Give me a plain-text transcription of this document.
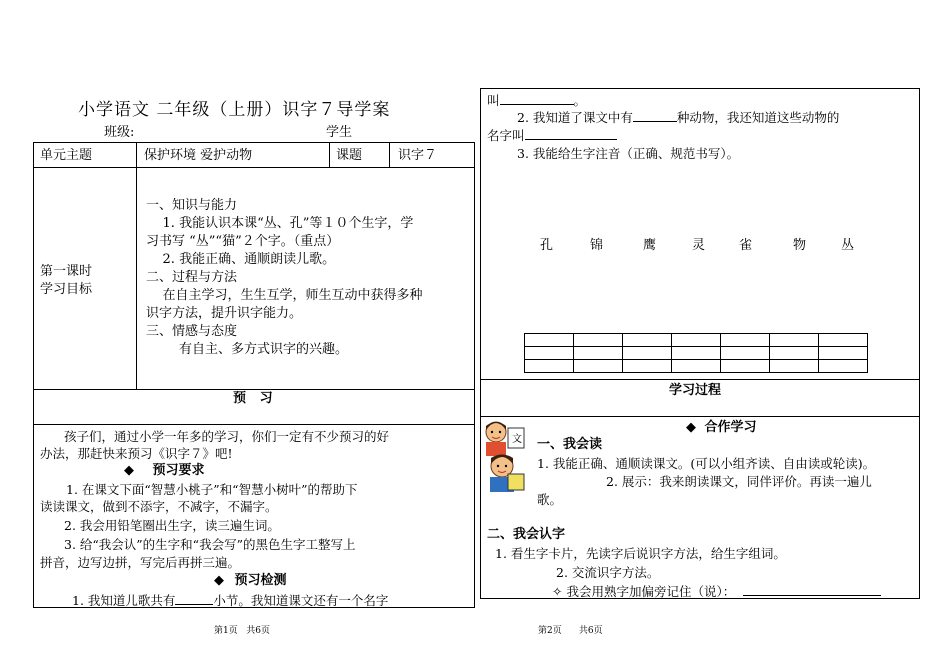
小学语文 二年级（上册）识字７导学案
班级:	学生
单元主题	保护环境 爱护动物	课题	识字７
第一课时
学习目标
一、知识与能力
1. 我能认识本课“丛、孔”等１０个生字，学
习书写 “丛”“猫”２个字。（重点）
2. 我能正确、通顺朗读儿歌。
二、过程与方法
在自主学习，生生互学，师生互动中获得多种
识字方法，提升识字能力。
三、情感与态度
有自主、多方式识字的兴趣。
预   习
孩子们，通过小学一年多的学习，你们一定有不少预习的好
办法，那赶快来预习《识字７》吧!
◆ 预习要求
1. 在课文下面“智慧小桃子”和“智慧小树叶”的帮助下
读读课文，做到不添字，不减字，不漏字。
2. 我会用铅笔圈出生字，读三遍生词。
3. 给“我会认”的生字和“我会写”的黑色生字工整写上
拼音，边写边拼，写完后再拼三遍。
◆ 预习检测
1. 我知道儿歌共有	小节。我知道课文还有一个名字
第1页   共6页
叫	。
2. 我知道了课文中有	种动物，我还知道这些动物的
名字叫
3. 我能给生字注音（正确、规范书写）。
孔	锦	鹰	灵	雀	物	丛

学习过程
◆ 合作学习
文 一、我会读
1. 我能正确、通顺读课文。(可以小组齐读、自由读或轮读)。
2. 展示：我来朗读课文，同伴评价。再读一遍儿
歌。
二、我会认字
1. 看生字卡片，先读字后说识字方法，给生字组词。
2. 交流识字方法。
✧ 我会用熟字加偏旁记住（说）：
第2页      共6页
